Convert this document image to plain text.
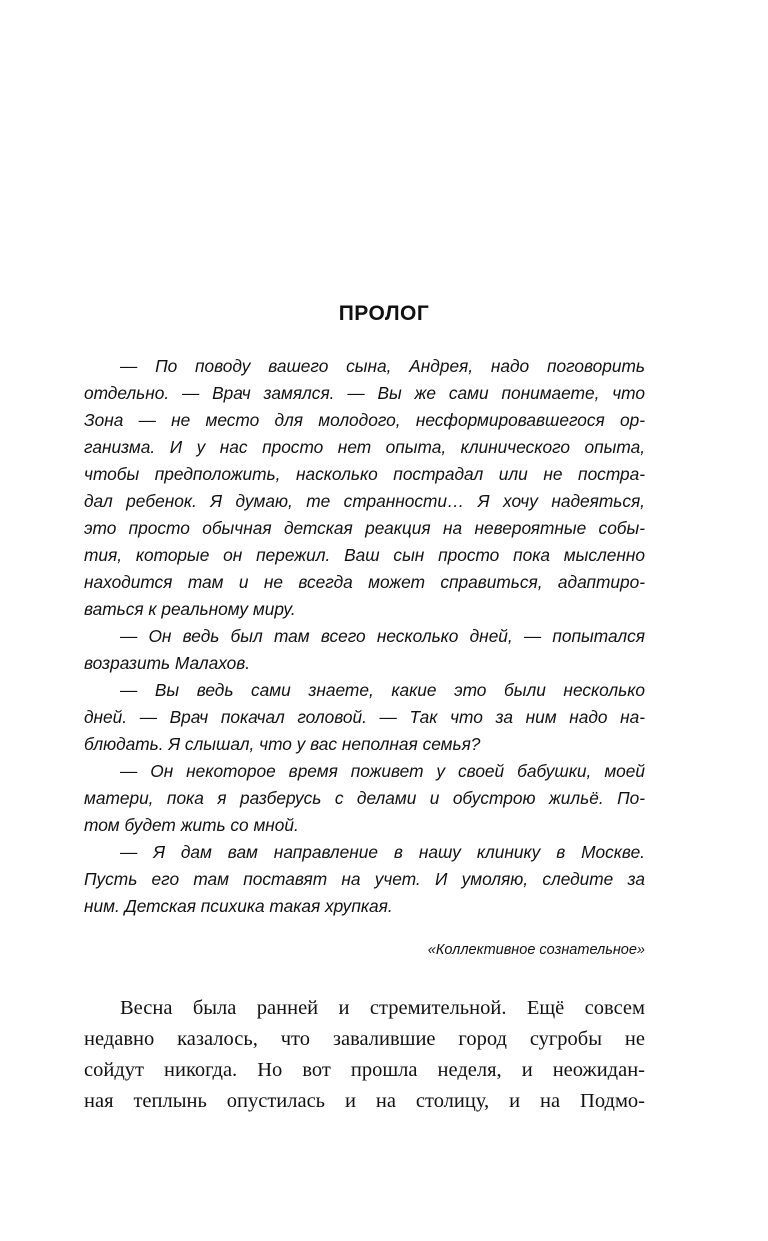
ПРОЛОГ
— По поводу вашего сына, Андрея, надо поговорить
отдельно. — Врач замялся. — Вы же сами понимаете, что
Зона — не место для молодого, несформировавшегося ор-
ганизма. И у нас просто нет опыта, клинического опыта,
чтобы предположить, насколько пострадал или не постра-
дал ребенок. Я думаю, те странности… Я хочу надеяться,
это просто обычная детская реакция на невероятные собы-
тия, которые он пережил. Ваш сын просто пока мысленно
находится там и не всегда может справиться, адаптиро-
ваться к реальному миру.
— Он ведь был там всего несколько дней, — попытался
возразить Малахов.
— Вы ведь сами знаете, какие это были несколько
дней. — Врач покачал головой. — Так что за ним надо на-
блюдать. Я слышал, что у вас неполная семья?
— Он некоторое время поживет у своей бабушки, моей
матери, пока я разберусь с делами и обустрою жильё. По-
том будет жить со мной.
— Я дам вам направление в нашу клинику в Москве.
Пусть его там поставят на учет. И умоляю, следите за
ним. Детская психика такая хрупкая.
«Коллективное сознательное»
Весна была ранней и стремительной. Ещё совсем
недавно казалось, что завалившие город сугробы не
сойдут никогда. Но вот прошла неделя, и неожидан-
ная теплынь опустилась и на столицу, и на Подмо-
